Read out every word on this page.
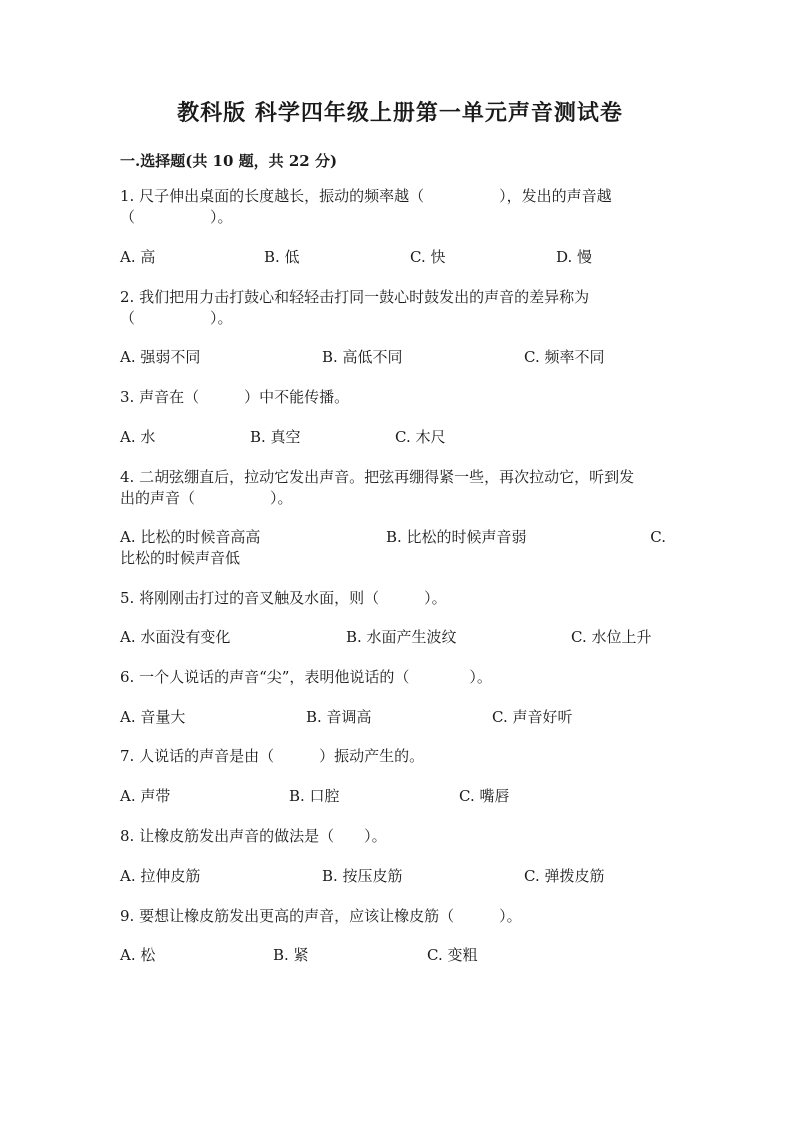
教科版 科学四年级上册第一单元声音测试卷
一.选择题(共 10 题，共 22 分)
1. 尺子伸出桌面的长度越长，振动的频率越（　　　　　），发出的声音越
（　　　　　）。
A. 高	B. 低	C. 快	D. 慢
2. 我们把用力击打鼓心和轻轻击打同一鼓心时鼓发出的声音的差异称为
（　　　　　）。
A. 强弱不同	B. 高低不同	C. 频率不同
3. 声音在（　　　）中不能传播。
A. 水	B. 真空	C. 木尺
4. 二胡弦绷直后，拉动它发出声音。把弦再绷得紧一些，再次拉动它，听到发
出的声音（　　　　　）。
A. 比松的时候音高高	B. 比松的时候声音弱	C.
比松的时候声音低
5. 将刚刚击打过的音叉触及水面，则（　　　）。
A. 水面没有变化	B. 水面产生波纹	C. 水位上升
6. 一个人说话的声音“尖”，表明他说话的（　　　　）。
A. 音量大	B. 音调高	C. 声音好听
7. 人说话的声音是由（　　　）振动产生的。
A. 声带	B. 口腔	C. 嘴唇
8. 让橡皮筋发出声音的做法是（　　）。
A. 拉伸皮筋	B. 按压皮筋	C. 弹拨皮筋
9. 要想让橡皮筋发出更高的声音，应该让橡皮筋（　　　）。
A. 松	B. 紧	C. 变粗
